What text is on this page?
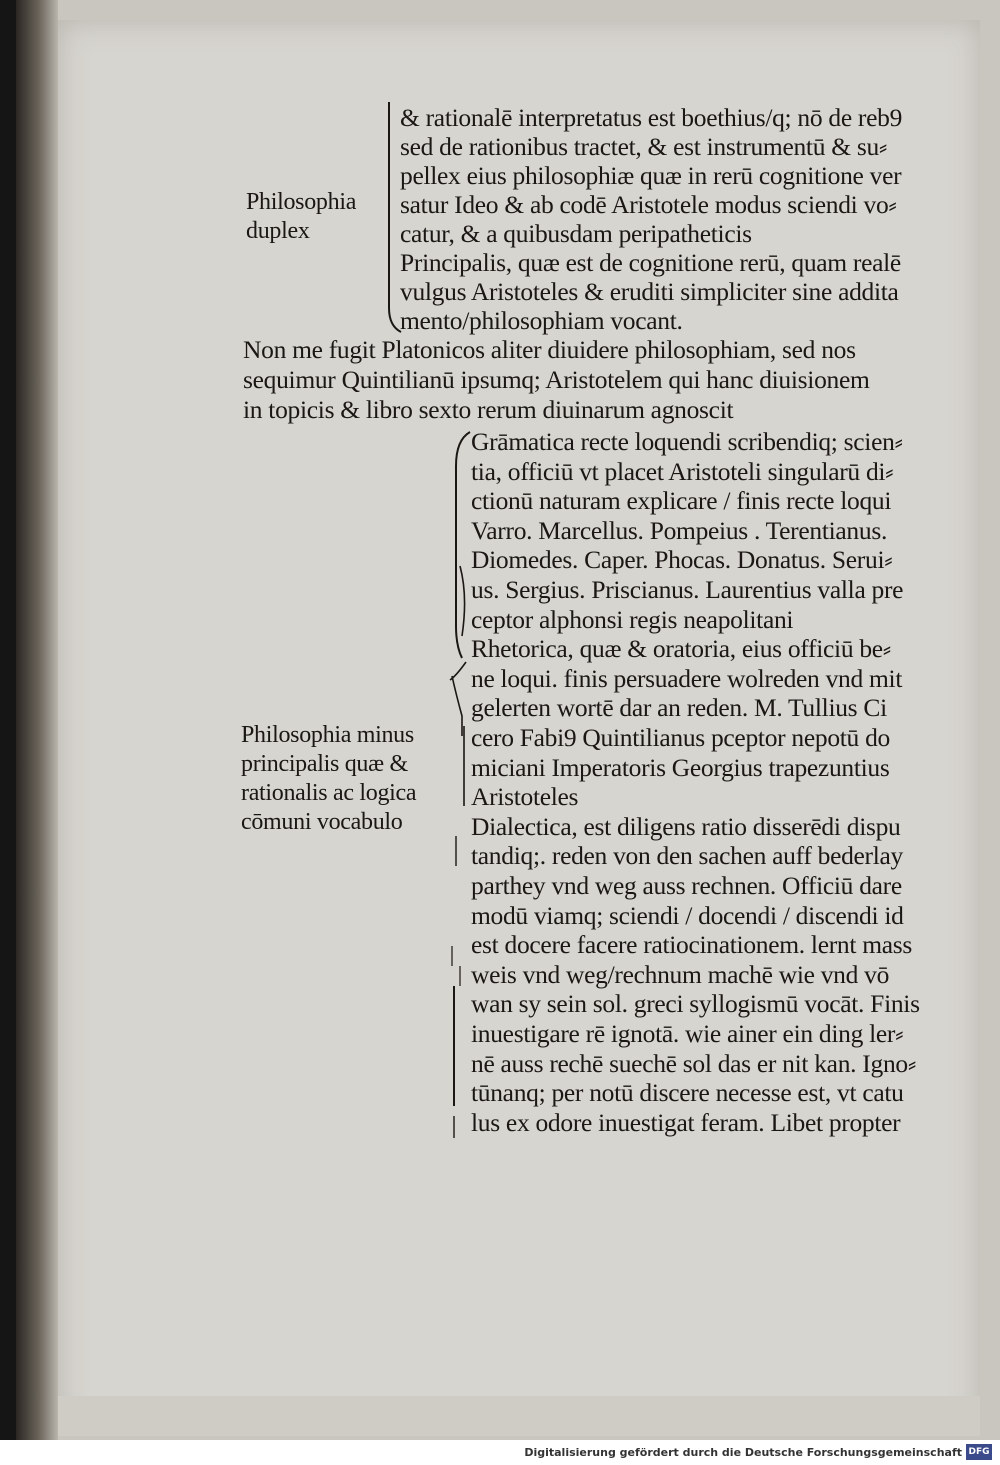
& rationalē interpretatus est boethius/q; nō de reb9
sed de rationibus tractet, & est instrumentū & su⸗
pellex eius philosophiæ quæ in rerū cognitione ver
satur Ideo & ab codē Aristotele modus sciendi vo⸗
catur, & a quibusdam peripatheticis
Principalis, quæ est de cognitione rerū, quam realē
vulgus Aristoteles & eruditi simpliciter sine addita
mento/philosophiam vocant.
Philosophia
duplex
Non me fugit Platonicos aliter diuidere philosophiam, sed nos
sequimur Quintilianū ipsumq; Aristotelem qui hanc diuisionem
in topicis & libro sexto rerum diuinarum agnoscit
Grāmatica recte loquendi scribendiq; scien⸗
tia, officiū vt placet Aristoteli singularū di⸗
ctionū naturam explicare / finis recte loqui
Varro. Marcellus. Pompeius . Terentianus.
Diomedes. Caper. Phocas. Donatus. Serui⸗
us. Sergius. Priscianus. Laurentius valla pre
ceptor alphonsi regis neapolitani
Rhetorica, quæ & oratoria, eius officiū be⸗
ne loqui. finis persuadere wolreden vnd mit
gelerten wortē dar an reden. M. Tullius Ci
cero Fabi9 Quintilianus pceptor nepotū do
miciani Imperatoris Georgius trapezuntius
Aristoteles
Dialectica, est diligens ratio disserēdi dispu
tandiq;. reden von den sachen auff bederlay
parthey vnd weg auss rechnen. Officiū dare
modū viamq; sciendi / docendi / discendi id
est docere facere ratiocinationem. lernt mass
weis vnd weg/rechnum machē wie vnd vō
wan sy sein sol. greci syllogismū vocāt. Finis
inuestigare rē ignotā. wie ainer ein ding ler⸗
nē auss rechē suechē sol das er nit kan. Igno⸗
tūnanq; per notū discere necesse est, vt catu
lus ex odore inuestigat feram. Libet propter
Philosophia minus
principalis quæ &
rationalis ac logica
cōmuni vocabulo
Digitalisierung gefördert durch die Deutsche Forschungsgemeinschaft DFG
